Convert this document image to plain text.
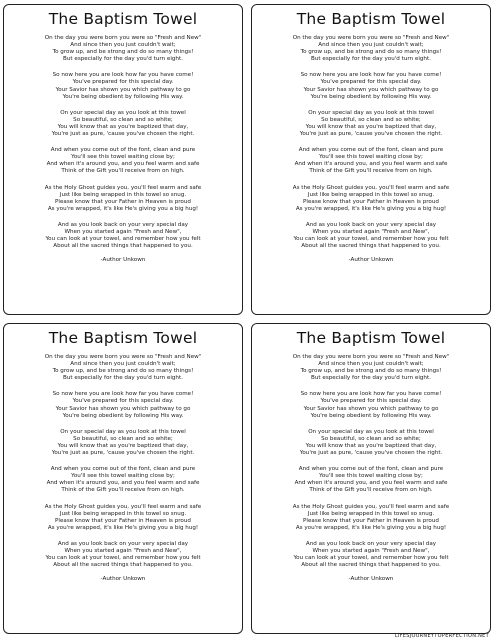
The Baptism Towel
On the day you were born you were so "Fresh and New"
And since then you just couldn't wait;
To grow up, and be strong and do so many things!
But especially for the day you'd turn eight.
So now here you are look how far you have come!
You've prepared for this special day.
Your Savior has shown you which pathway to go
You're being obedient by following His way.
On your special day as you look at this towel
So beautiful, so clean and so white;
You will know that as you're baptized that day,
You're just as pure, 'cause you've chosen the right.
And when you come out of the font, clean and pure
You'll see this towel waiting close by;
And when it's around you, and you feel warm and safe
Think of the Gift you'll receive from on high.
As the Holy Ghost guides you, you'll feel warm and safe
Just like being wrapped in this towel so snug.
Please know that your Father in Heaven is proud
As you're wrapped, it's like He's giving you a big hug!
And as you look back on your very special day
When you started again "Fresh and New",
You can look at your towel, and remember how you felt
About all the sacred things that happened to you.
-Author Unkown
The Baptism Towel
On the day you were born you were so "Fresh and New"
And since then you just couldn't wait;
To grow up, and be strong and do so many things!
But especially for the day you'd turn eight.
So now here you are look how far you have come!
You've prepared for this special day.
Your Savior has shown you which pathway to go
You're being obedient by following His way.
On your special day as you look at this towel
So beautiful, so clean and so white;
You will know that as you're baptized that day,
You're just as pure, 'cause you've chosen the right.
And when you come out of the font, clean and pure
You'll see this towel waiting close by;
And when it's around you, and you feel warm and safe
Think of the Gift you'll receive from on high.
As the Holy Ghost guides you, you'll feel warm and safe
Just like being wrapped in this towel so snug.
Please know that your Father in Heaven is proud
As you're wrapped, it's like He's giving you a big hug!
And as you look back on your very special day
When you started again "Fresh and New",
You can look at your towel, and remember how you felt
About all the sacred things that happened to you.
-Author Unkown
The Baptism Towel
On the day you were born you were so "Fresh and New"
And since then you just couldn't wait;
To grow up, and be strong and do so many things!
But especially for the day you'd turn eight.
So now here you are look how far you have come!
You've prepared for this special day.
Your Savior has shown you which pathway to go
You're being obedient by following His way.
On your special day as you look at this towel
So beautiful, so clean and so white;
You will know that as you're baptized that day,
You're just as pure, 'cause you've chosen the right.
And when you come out of the font, clean and pure
You'll see this towel waiting close by;
And when it's around you, and you feel warm and safe
Think of the Gift you'll receive from on high.
As the Holy Ghost guides you, you'll feel warm and safe
Just like being wrapped in this towel so snug.
Please know that your Father in Heaven is proud
As you're wrapped, it's like He's giving you a big hug!
And as you look back on your very special day
When you started again "Fresh and New",
You can look at your towel, and remember how you felt
About all the sacred things that happened to you.
-Author Unkown
The Baptism Towel
On the day you were born you were so "Fresh and New"
And since then you just couldn't wait;
To grow up, and be strong and do so many things!
But especially for the day you'd turn eight.
So now here you are look how far you have come!
You've prepared for this special day.
Your Savior has shown you which pathway to go
You're being obedient by following His way.
On your special day as you look at this towel
So beautiful, so clean and so white;
You will know that as you're baptized that day,
You're just as pure, 'cause you've chosen the right.
And when you come out of the font, clean and pure
You'll see this towel waiting close by;
And when it's around you, and you feel warm and safe
Think of the Gift you'll receive from on high.
As the Holy Ghost guides you, you'll feel warm and safe
Just like being wrapped in this towel so snug.
Please know that your Father in Heaven is proud
As you're wrapped, it's like He's giving you a big hug!
And as you look back on your very special day
When you started again "Fresh and New",
You can look at your towel, and remember how you felt
About all the sacred things that happened to you.
-Author Unkown
LIFESJOURNEYTOPERFECTION.NET
